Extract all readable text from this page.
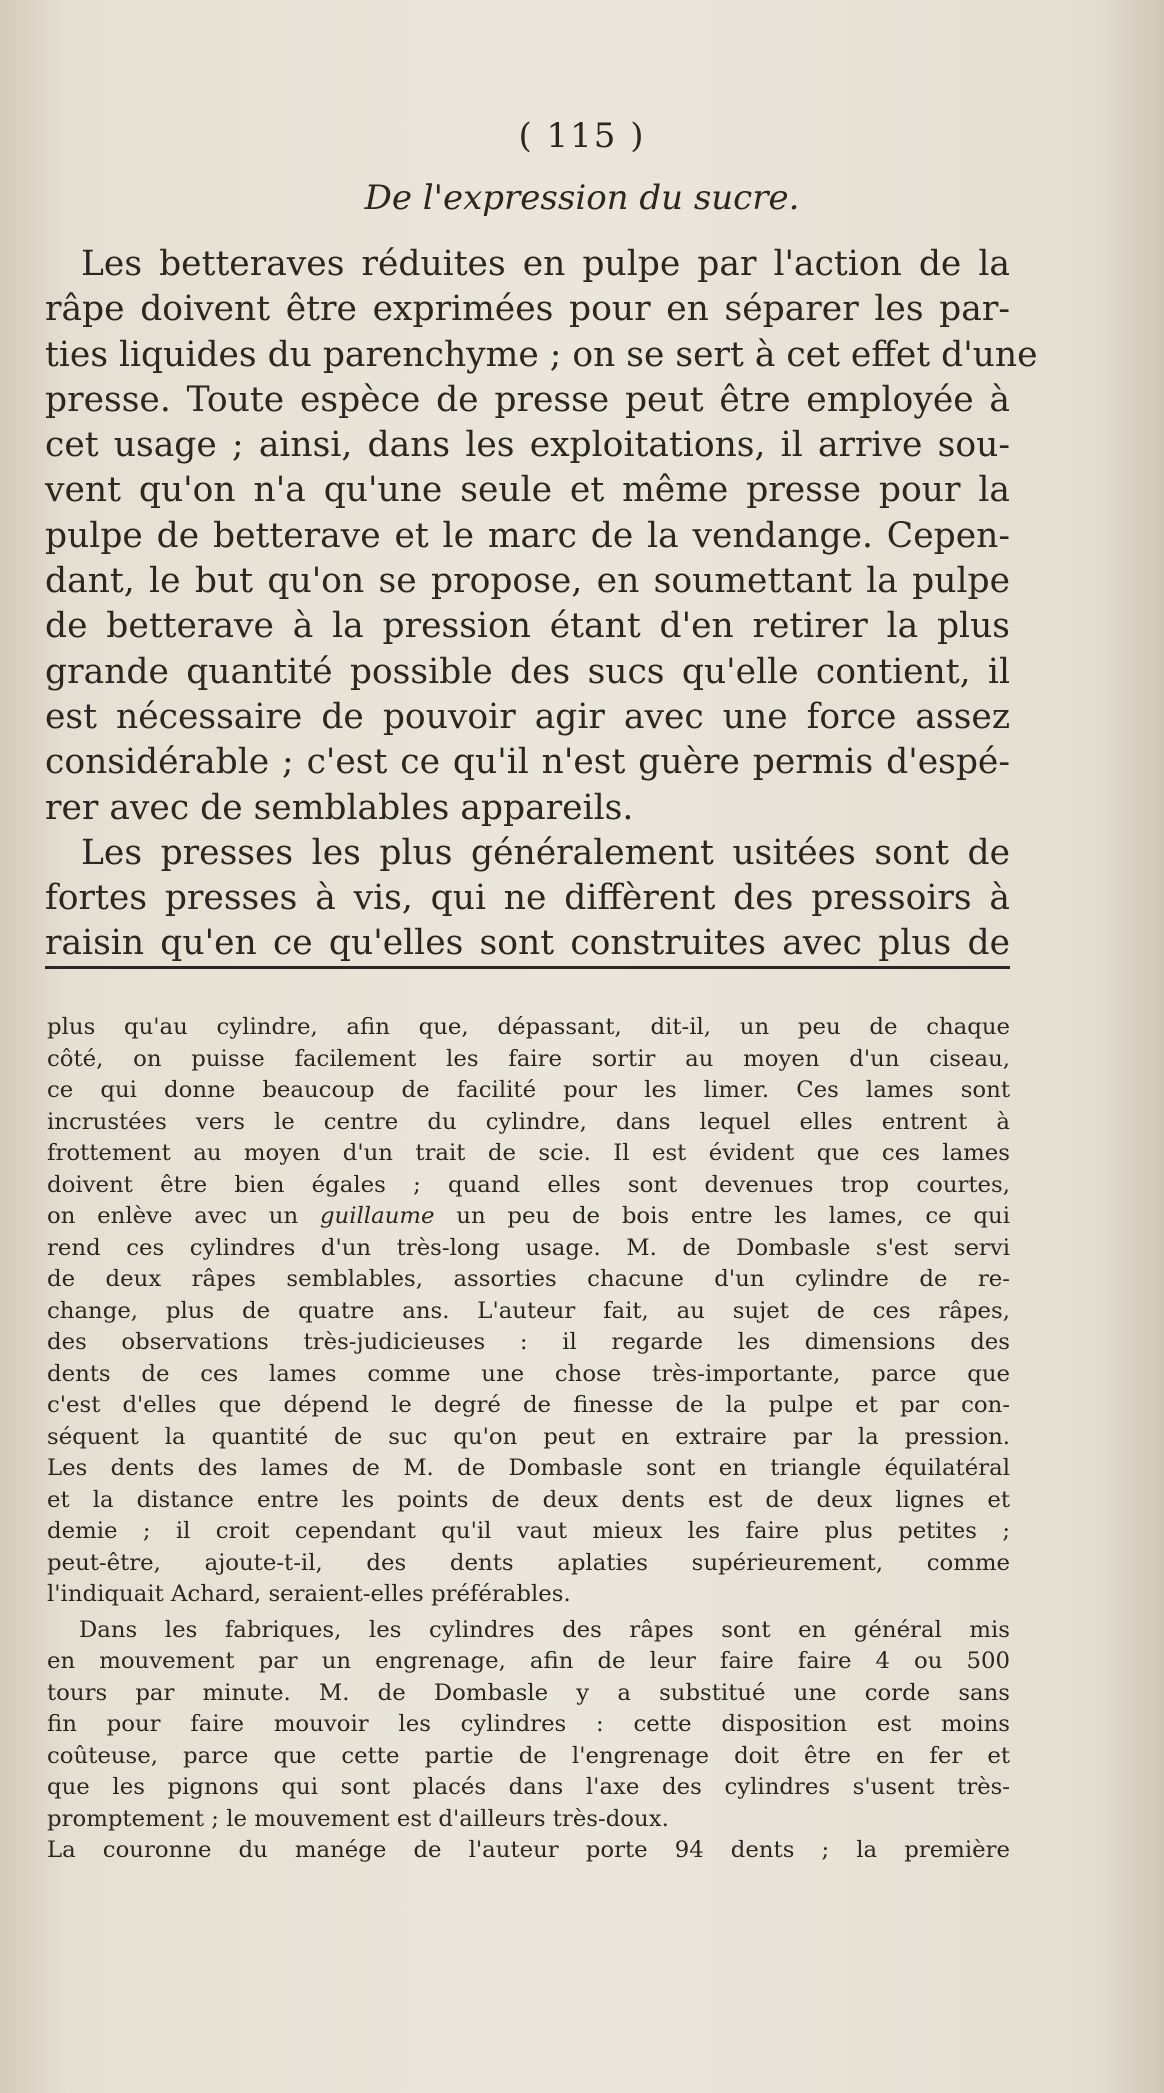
( 115 )
De l'expression du sucre.
Les betteraves réduites en pulpe par l'action de la
râpe doivent être exprimées pour en séparer les par-
ties liquides du parenchyme ; on se sert à cet effet d'une
presse. Toute espèce de presse peut être employée à
cet usage ; ainsi, dans les exploitations, il arrive sou-
vent qu'on n'a qu'une seule et même presse pour la
pulpe de betterave et le marc de la vendange. Cepen-
dant, le but qu'on se propose, en soumettant la pulpe
de betterave à la pression étant d'en retirer la plus
grande quantité possible des sucs qu'elle contient, il
est nécessaire de pouvoir agir avec une force assez
considérable ; c'est ce qu'il n'est guère permis d'espé-
rer avec de semblables appareils.
Les presses les plus généralement usitées sont de
fortes presses à vis, qui ne diffèrent des pressoirs à
raisin qu'en ce qu'elles sont construites avec plus de
plus qu'au cylindre, afin que, dépassant, dit-il, un peu de chaque
côté, on puisse facilement les faire sortir au moyen d'un ciseau,
ce qui donne beaucoup de facilité pour les limer. Ces lames sont
incrustées vers le centre du cylindre, dans lequel elles entrent à
frottement au moyen d'un trait de scie. Il est évident que ces lames
doivent être bien égales ; quand elles sont devenues trop courtes,
on enlève avec un guillaume un peu de bois entre les lames, ce qui
rend ces cylindres d'un très-long usage. M. de Dombasle s'est servi
de deux râpes semblables, assorties chacune d'un cylindre de re-
change, plus de quatre ans. L'auteur fait, au sujet de ces râpes,
des observations très-judicieuses : il regarde les dimensions des
dents de ces lames comme une chose très-importante, parce que
c'est d'elles que dépend le degré de finesse de la pulpe et par con-
séquent la quantité de suc qu'on peut en extraire par la pression.
Les dents des lames de M. de Dombasle sont en triangle équilatéral
et la distance entre les points de deux dents est de deux lignes et
demie ; il croit cependant qu'il vaut mieux les faire plus petites ;
peut-être, ajoute-t-il, des dents aplaties supérieurement, comme
l'indiquait Achard, seraient-elles préférables.
Dans les fabriques, les cylindres des râpes sont en général mis
en mouvement par un engrenage, afin de leur faire faire 4 ou 500
tours par minute. M. de Dombasle y a substitué une corde sans
fin pour faire mouvoir les cylindres : cette disposition est moins
coûteuse, parce que cette partie de l'engrenage doit être en fer et
que les pignons qui sont placés dans l'axe des cylindres s'usent très-
promptement ; le mouvement est d'ailleurs très-doux.
La couronne du manége de l'auteur porte 94 dents ; la première
